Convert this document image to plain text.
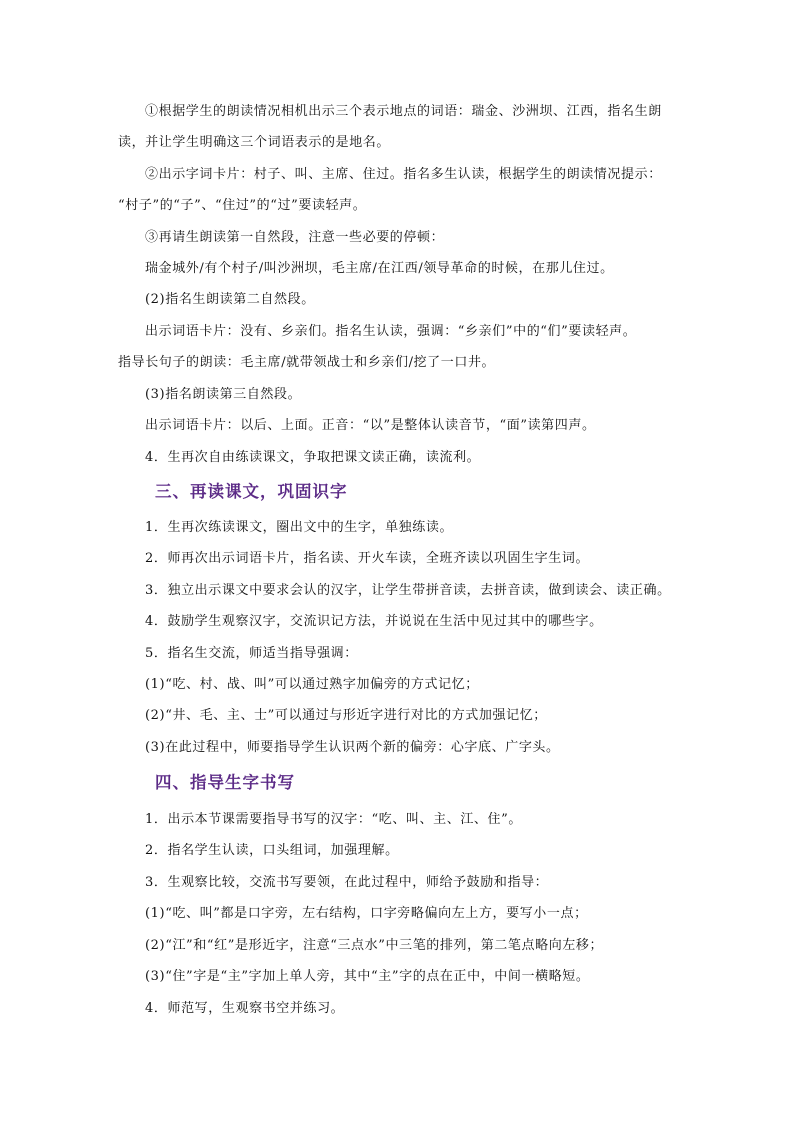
①根据学生的朗读情况相机出示三个表示地点的词语：瑞金、沙洲坝、江西，指名生朗
读，并让学生明确这三个词语表示的是地名。
②出示字词卡片：村子、叫、主席、住过。指名多生认读，根据学生的朗读情况提示：
“村子”的“子”、“住过”的“过”要读轻声。
③再请生朗读第一自然段，注意一些必要的停顿：
瑞金城外/有个村子/叫沙洲坝，毛主席/在江西/领导革命的时候，在那儿住过。
(2)指名生朗读第二自然段。
出示词语卡片：没有、乡亲们。指名生认读，强调：“乡亲们”中的“们”要读轻声。
指导长句子的朗读：毛主席/就带领战士和乡亲们/挖了一口井。
(3)指名朗读第三自然段。
出示词语卡片：以后、上面。正音：“以”是整体认读音节，“面”读第四声。
4．生再次自由练读课文，争取把课文读正确，读流利。
三、再读课文，巩固识字
1．生再次练读课文，圈出文中的生字，单独练读。
2．师再次出示词语卡片，指名读、开火车读，全班齐读以巩固生字生词。
3．独立出示课文中要求会认的汉字，让学生带拼音读，去拼音读，做到读会、读正确。
4．鼓励学生观察汉字，交流识记方法，并说说在生活中见过其中的哪些字。
5．指名生交流，师适当指导强调：
(1)“吃、村、战、叫”可以通过熟字加偏旁的方式记忆；
(2)“井、毛、主、士”可以通过与形近字进行对比的方式加强记忆；
(3)在此过程中，师要指导学生认识两个新的偏旁：心字底、广字头。
四、指导生字书写
1．出示本节课需要指导书写的汉字：“吃、叫、主、江、住”。
2．指名学生认读，口头组词，加强理解。
3．生观察比较，交流书写要领，在此过程中，师给予鼓励和指导：
(1)“吃、叫”都是口字旁，左右结构，口字旁略偏向左上方，要写小一点；
(2)“江”和“红”是形近字，注意“三点水”中三笔的排列，第二笔点略向左移；
(3)“住”字是“主”字加上单人旁，其中“主”字的点在正中，中间一横略短。
4．师范写，生观察书空并练习。
